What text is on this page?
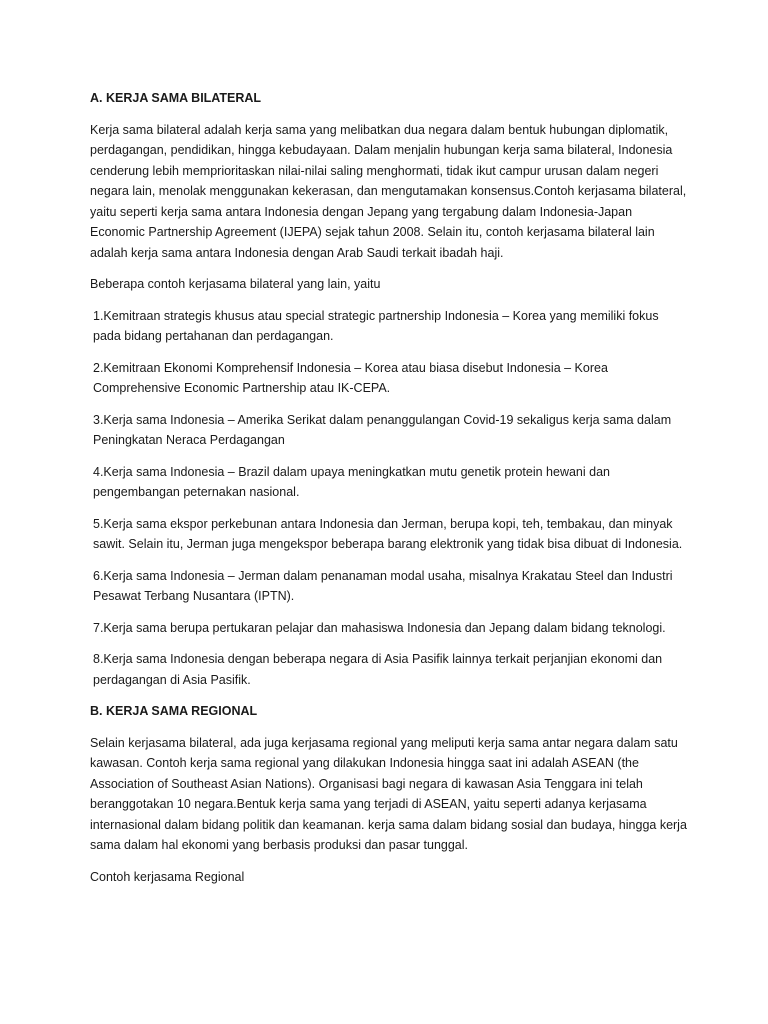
A. KERJA SAMA BILATERAL
Kerja sama bilateral adalah kerja sama yang melibatkan dua negara dalam bentuk hubungan diplomatik, perdagangan, pendidikan, hingga kebudayaan. Dalam menjalin hubungan kerja sama bilateral, Indonesia cenderung lebih memprioritaskan nilai-nilai saling menghormati, tidak ikut campur urusan dalam negeri negara lain, menolak menggunakan kekerasan, dan mengutamakan konsensus.Contoh kerjasama bilateral, yaitu seperti kerja sama antara Indonesia dengan Jepang yang tergabung dalam Indonesia-Japan Economic Partnership Agreement (IJEPA) sejak tahun 2008. Selain itu, contoh kerjasama bilateral lain adalah kerja sama antara Indonesia dengan Arab Saudi terkait ibadah haji.
Beberapa contoh kerjasama bilateral yang lain, yaitu
1.Kemitraan strategis khusus atau special strategic partnership Indonesia – Korea yang memiliki fokus pada bidang pertahanan dan perdagangan.
2.Kemitraan Ekonomi Komprehensif Indonesia – Korea atau biasa disebut Indonesia – Korea Comprehensive Economic Partnership atau IK-CEPA.
3.Kerja sama Indonesia – Amerika Serikat dalam penanggulangan Covid-19 sekaligus kerja sama dalam Peningkatan Neraca Perdagangan
4.Kerja sama Indonesia – Brazil dalam upaya meningkatkan mutu genetik protein hewani dan pengembangan peternakan nasional.
5.Kerja sama ekspor perkebunan antara Indonesia dan Jerman, berupa kopi, teh, tembakau, dan minyak sawit. Selain itu, Jerman juga mengekspor beberapa barang elektronik yang tidak bisa dibuat di Indonesia.
6.Kerja sama Indonesia – Jerman dalam penanaman modal usaha, misalnya Krakatau Steel dan Industri Pesawat Terbang Nusantara (IPTN).
7.Kerja sama berupa pertukaran pelajar dan mahasiswa Indonesia dan Jepang dalam bidang teknologi.
8.Kerja sama Indonesia dengan beberapa negara di Asia Pasifik lainnya terkait perjanjian ekonomi dan perdagangan di Asia Pasifik.
B. KERJA SAMA REGIONAL
Selain kerjasama bilateral, ada juga kerjasama regional yang meliputi kerja sama antar negara dalam satu kawasan. Contoh kerja sama regional yang dilakukan Indonesia hingga saat ini adalah ASEAN (the Association of Southeast Asian Nations). Organisasi bagi negara di kawasan Asia Tenggara ini telah beranggotakan 10 negara.Bentuk kerja sama yang terjadi di ASEAN, yaitu seperti adanya kerjasama internasional dalam bidang politik dan keamanan. kerja sama dalam bidang sosial dan budaya, hingga kerja sama dalam hal ekonomi yang berbasis produksi dan pasar tunggal.
Contoh kerjasama Regional
